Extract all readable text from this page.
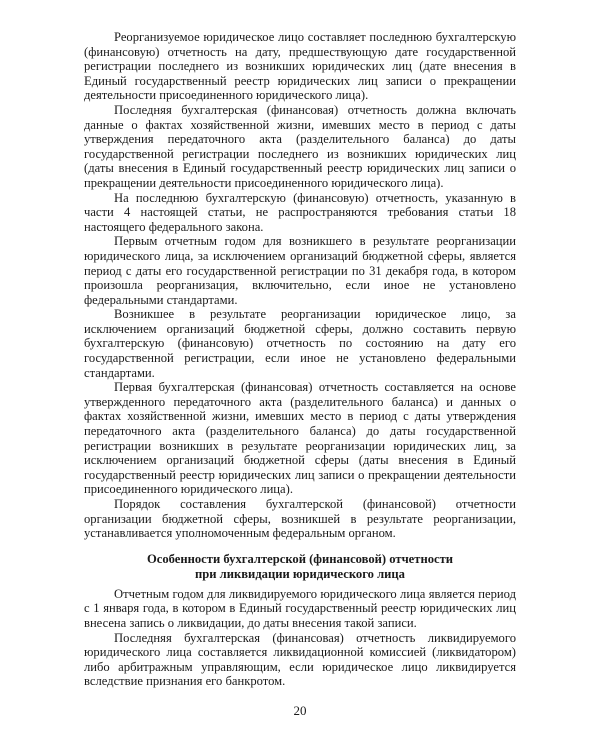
Реорганизуемое юридическое лицо составляет последнюю бухгалтерскую (финансовую) отчетность на дату, предшествующую дате государственной регистрации последнего из возникших юридических лиц (дате внесения в Единый государственный реестр юридических лиц записи о прекращении деятельности присоединенного юридического лица).

Последняя бухгалтерская (финансовая) отчетность должна включать данные о фактах хозяйственной жизни, имевших место в период с даты утверждения передаточного акта (разделительного баланса) до даты государственной регистрации последнего из возникших юридических лиц (даты внесения в Единый государственный реестр юридических лиц записи о прекращении деятельности присоединенного юридического лица).

На последнюю бухгалтерскую (финансовую) отчетность, указанную в части 4 настоящей статьи, не распространяются требования статьи 18 настоящего федерального закона.

Первым отчетным годом для возникшего в результате реорганизации юридического лица, за исключением организаций бюджетной сферы, является период с даты его государственной регистрации по 31 декабря года, в котором произошла реорганизация, включительно, если иное не установлено федеральными стандартами.

Возникшее в результате реорганизации юридическое лицо, за исключением организаций бюджетной сферы, должно составить первую бухгалтерскую (финансовую) отчетность по состоянию на дату его государственной регистрации, если иное не установлено федеральными стандартами.

Первая бухгалтерская (финансовая) отчетность составляется на основе утвержденного передаточного акта (разделительного баланса) и данных о фактах хозяйственной жизни, имевших место в период с даты утверждения передаточного акта (разделительного баланса) до даты государственной регистрации возникших в результате реорганизации юридических лиц, за исключением организаций бюджетной сферы (даты внесения в Единый государственный реестр юридических лиц записи о прекращении деятельности присоединенного юридического лица).

Порядок составления бухгалтерской (финансовой) отчетности организации бюджетной сферы, возникшей в результате реорганизации, устанавливается уполномоченным федеральным органом.

Особенности бухгалтерской (финансовой) отчетности
при ликвидации юридического лица

Отчетным годом для ликвидируемого юридического лица является период с 1 января года, в котором в Единый государственный реестр юридических лиц внесена запись о ликвидации, до даты внесения такой записи.

Последняя бухгалтерская (финансовая) отчетность ликвидируемого юридического лица составляется ликвидационной комиссией (ликвидатором) либо арбитражным управляющим, если юридическое лицо ликвидируется вследствие признания его банкротом.

20
